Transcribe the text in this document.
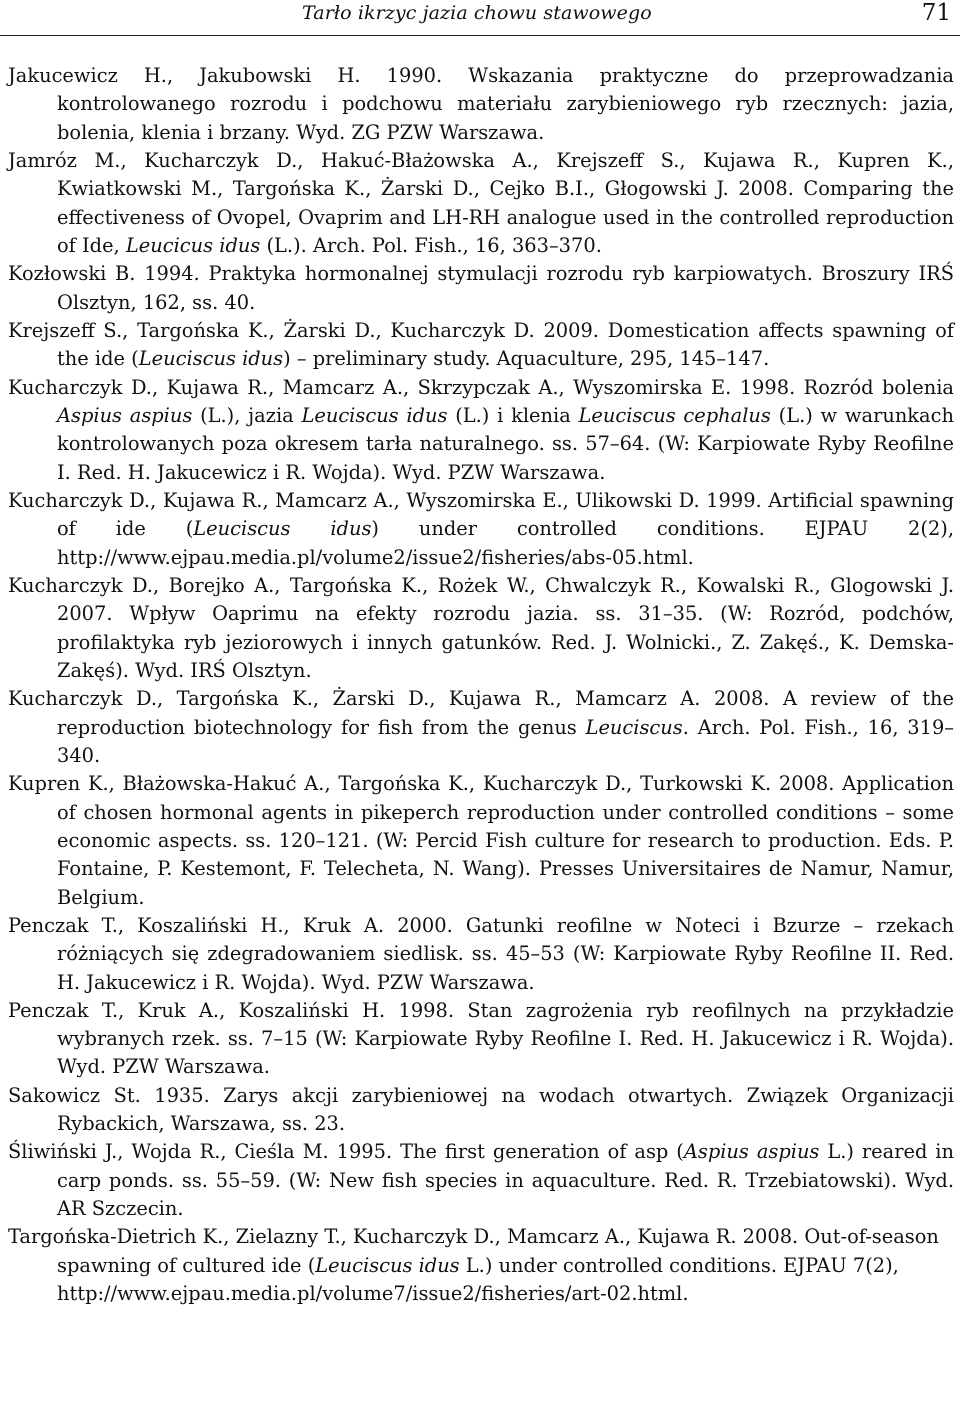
Tarło ikrzyc jazia chowu stawowego	71

Jakucewicz H., Jakubowski H. 1990. Wskazania praktyczne do przeprowadzania kontrolowanego rozrodu i podchowu materiału zarybieniowego ryb rzecznych: jazia, bolenia, klenia i brzany. Wyd. ZG PZW Warszawa.

Jamróz M., Kucharczyk D., Hakuć-Błażowska A., Krejszeff S., Kujawa R., Kupren K., Kwiatkowski M., Targońska K., Żarski D., Cejko B.I., Głogowski J. 2008. Comparing the effectiveness of Ovopel, Ovaprim and LH-RH analogue used in the controlled reproduction of Ide, Leucicus idus (L.). Arch. Pol. Fish., 16, 363–370.

Kozłowski B. 1994. Praktyka hormonalnej stymulacji rozrodu ryb karpiowatych. Broszury IRŚ Olsztyn, 162, ss. 40.

Krejszeff S., Targońska K., Żarski D., Kucharczyk D. 2009. Domestication affects spawning of the ide (Leuciscus idus) – preliminary study. Aquaculture, 295, 145–147.

Kucharczyk D., Kujawa R., Mamcarz A., Skrzypczak A., Wyszomirska E. 1998. Rozród bolenia Aspius aspius (L.), jazia Leuciscus idus (L.) i klenia Leuciscus cephalus (L.) w warunkach kontrolowanych poza okresem tarła naturalnego. ss. 57–64. (W: Karpiowate Ryby Reofilne I. Red. H. Jakucewicz i R. Wojda). Wyd. PZW Warszawa.

Kucharczyk D., Kujawa R., Mamcarz A., Wyszomirska E., Ulikowski D. 1999. Artificial spawning of ide (Leuciscus idus) under controlled conditions. EJPAU 2(2), http://www.ejpau.media.pl/volume2/issue2/fisheries/abs-05.html.

Kucharczyk D., Borejko A., Targońska K., Rożek W., Chwalczyk R., Kowalski R., Glogowski J. 2007. Wpływ Oaprimu na efekty rozrodu jazia. ss. 31–35. (W: Rozród, podchów, profilaktyka ryb jeziorowych i innych gatunków. Red. J. Wolnicki., Z. Zakęś., K. Demska-Zakęś). Wyd. IRŚ Olsztyn.

Kucharczyk D., Targońska K., Żarski D., Kujawa R., Mamcarz A. 2008. A review of the reproduction biotechnology for fish from the genus Leuciscus. Arch. Pol. Fish., 16, 319–340.

Kupren K., Błażowska-Hakuć A., Targońska K., Kucharczyk D., Turkowski K. 2008. Application of chosen hormonal agents in pikeperch reproduction under controlled conditions – some economic aspects. ss. 120–121. (W: Percid Fish culture for research to production. Eds. P. Fontaine, P. Kestemont, F. Telecheta, N. Wang). Presses Universitaires de Namur, Namur, Belgium.

Penczak T., Koszaliński H., Kruk A. 2000. Gatunki reofilne w Noteci i Bzurze – rzekach różniących się zdegradowaniem siedlisk. ss. 45–53 (W: Karpiowate Ryby Reofilne II. Red. H. Jakucewicz i R. Wojda). Wyd. PZW Warszawa.

Penczak T., Kruk A., Koszaliński H. 1998. Stan zagrożenia ryb reofilnych na przykładzie wybranych rzek. ss. 7–15 (W: Karpiowate Ryby Reofilne I. Red. H. Jakucewicz i R. Wojda). Wyd. PZW Warszawa.

Sakowicz St. 1935. Zarys akcji zarybieniowej na wodach otwartych. Związek Organizacji Rybackich, Warszawa, ss. 23.

Śliwiński J., Wojda R., Cieśla M. 1995. The first generation of asp (Aspius aspius L.) reared in carp ponds. ss. 55–59. (W: New fish species in aquaculture. Red. R. Trzebiatowski). Wyd. AR Szczecin.

Targońska-Dietrich K., Zielazny T., Kucharczyk D., Mamcarz A., Kujawa R. 2008. Out-of-season spawning of cultured ide (Leuciscus idus L.) under controlled conditions. EJPAU 7(2), http://www.ejpau.media.pl/volume7/issue2/fisheries/art-02.html.
